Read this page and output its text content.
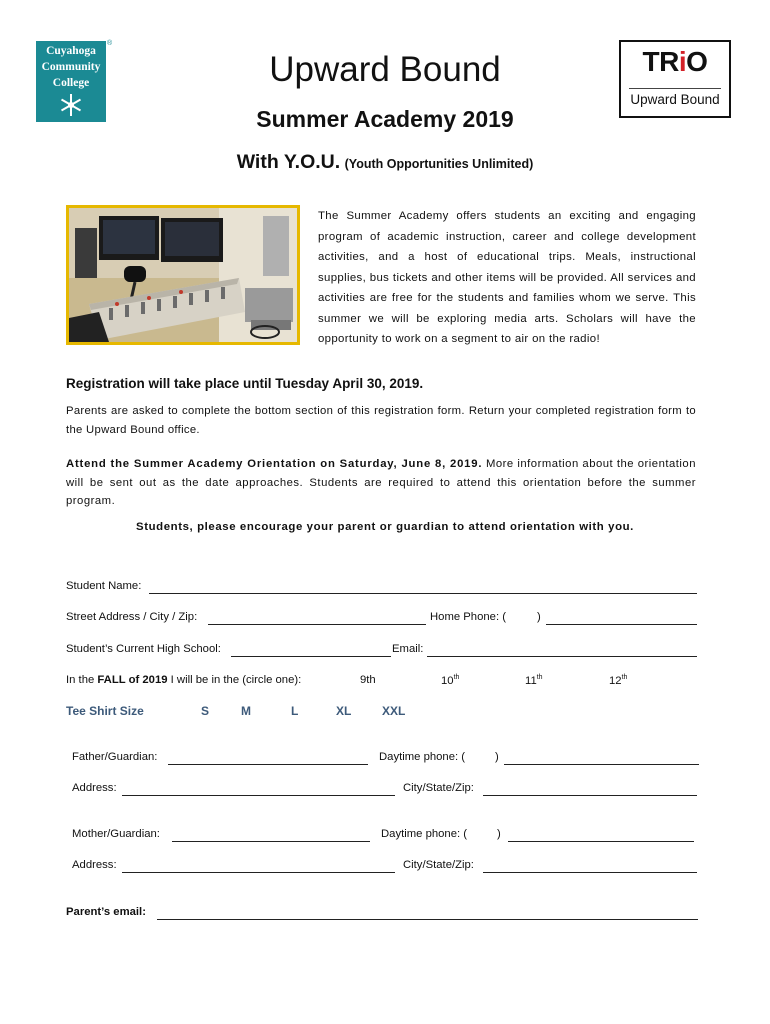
Cuyahoga
Community
College
®
TRiO
Upward Bound
Upward Bound
Summer Academy 2019
With Y.O.U. (Youth Opportunities Unlimited)
The Summer Academy offers students an exciting and engaging program of academic instruction, career and college development activities, and a host of educational trips. Meals, instructional supplies, bus tickets and other items will be provided. All services and activities are free for the students and families whom we serve. This summer we will be exploring media arts. Scholars will have the opportunity to work on a segment to air on the radio!
Registration will take place until Tuesday April 30, 2019.
Parents are asked to complete the bottom section of this registration form. Return your completed registration form to the Upward Bound office.
Attend the Summer Academy Orientation on Saturday, June 8, 2019. More information about the orientation will be sent out as the date approaches. Students are required to attend this orientation before the summer program.
Students, please encourage your parent or guardian to attend orientation with you.
Student Name:
Street Address / City / Zip:	Home Phone: (	)
Student’s Current High School:	Email:
In the FALL of 2019 I will be in the (circle one):	9th	10th	11th	12th
Tee Shirt Size	S	M	L	XL	XXL
Father/Guardian:	Daytime phone: (	)
Address:	City/State/Zip:
Mother/Guardian:	Daytime phone: (	)
Address:	City/State/Zip:
Parent’s email:
